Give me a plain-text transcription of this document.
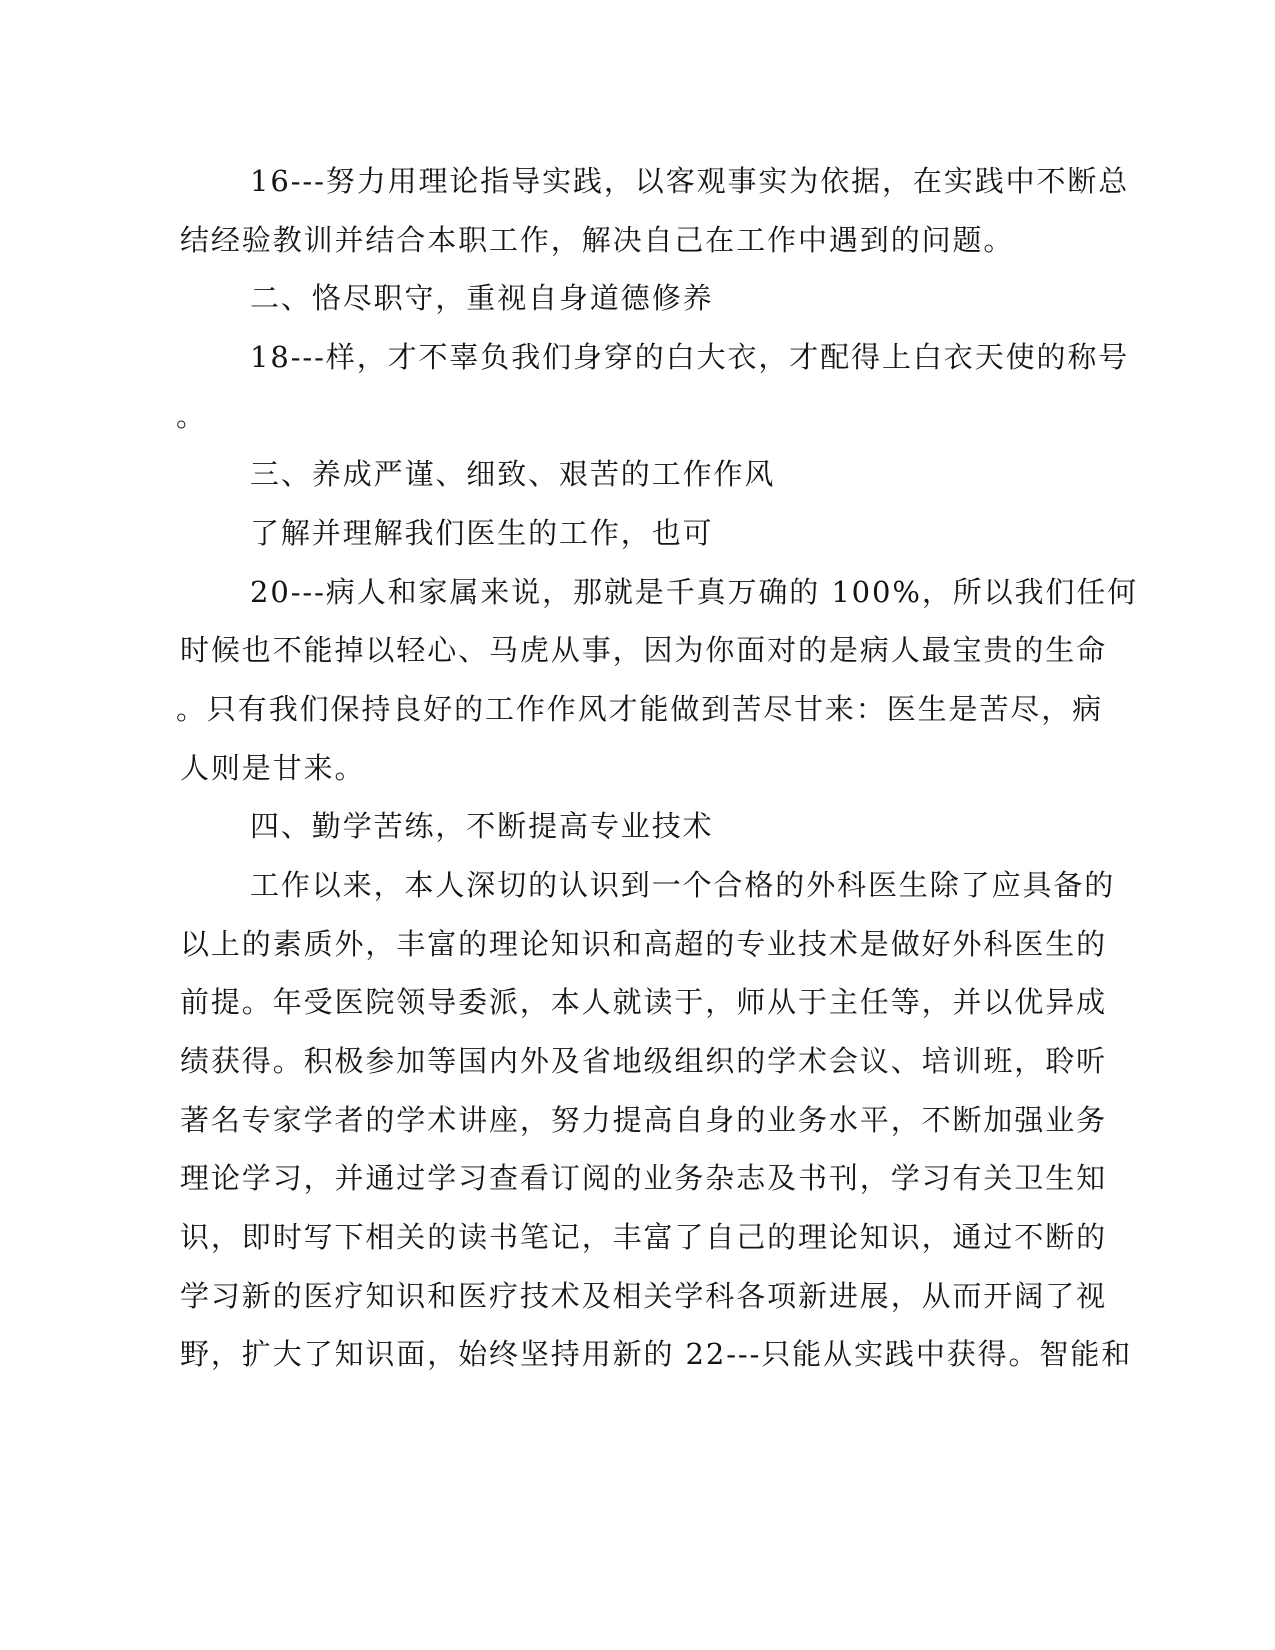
16---努力用理论指导实践，以客观事实为依据，在实践中不断总
结经验教训并结合本职工作，解决自己在工作中遇到的问题。
二、恪尽职守，重视自身道德修养
18---样，才不辜负我们身穿的白大衣，才配得上白衣天使的称号
。
三、养成严谨、细致、艰苦的工作作风
了解并理解我们医生的工作，也可
20---病人和家属来说，那就是千真万确的 100%，所以我们任何
时候也不能掉以轻心、马虎从事，因为你面对的是病人最宝贵的生命
。只有我们保持良好的工作作风才能做到苦尽甘来：医生是苦尽，病
人则是甘来。
四、勤学苦练，不断提高专业技术
工作以来，本人深切的认识到一个合格的外科医生除了应具备的
以上的素质外，丰富的理论知识和高超的专业技术是做好外科医生的
前提。年受医院领导委派，本人就读于，师从于主任等，并以优异成
绩获得。积极参加等国内外及省地级组织的学术会议、培训班，聆听
著名专家学者的学术讲座，努力提高自身的业务水平，不断加强业务
理论学习，并通过学习查看订阅的业务杂志及书刊，学习有关卫生知
识，即时写下相关的读书笔记，丰富了自己的理论知识，通过不断的
学习新的医疗知识和医疗技术及相关学科各项新进展，从而开阔了视
野，扩大了知识面，始终坚持用新的 22---只能从实践中获得。智能和
